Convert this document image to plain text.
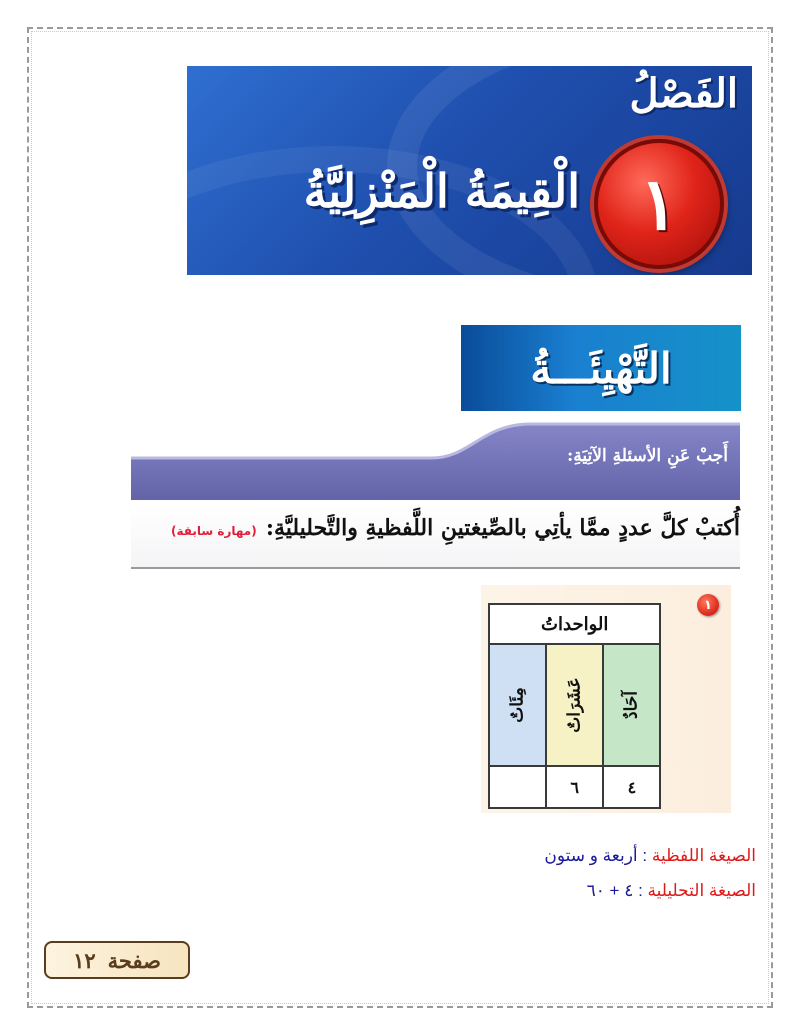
الفَصْلُ
١
الْقِيمَةُ الْمَنْزِلِيَّةُ
التَّهْيِئَـــةُ
أَجبْ عَنِ الأسئلةِ الآتِيَةِ:
أُكتبْ كلَّ عددٍ ممَّا يأتِي بالصِّيغتينِ اللَّفظيةِ والتَّحليليَّةِ: (مهارة سابقة)
١
الواحداتُ		

مِئَاتٌ	عَشَرَاتٌ	آحَادٌ

	٦	٤
الصيغة اللفظية : أربعة و ستون
الصيغة التحليلية : ٤ + ٦٠
صفحة
١٢
